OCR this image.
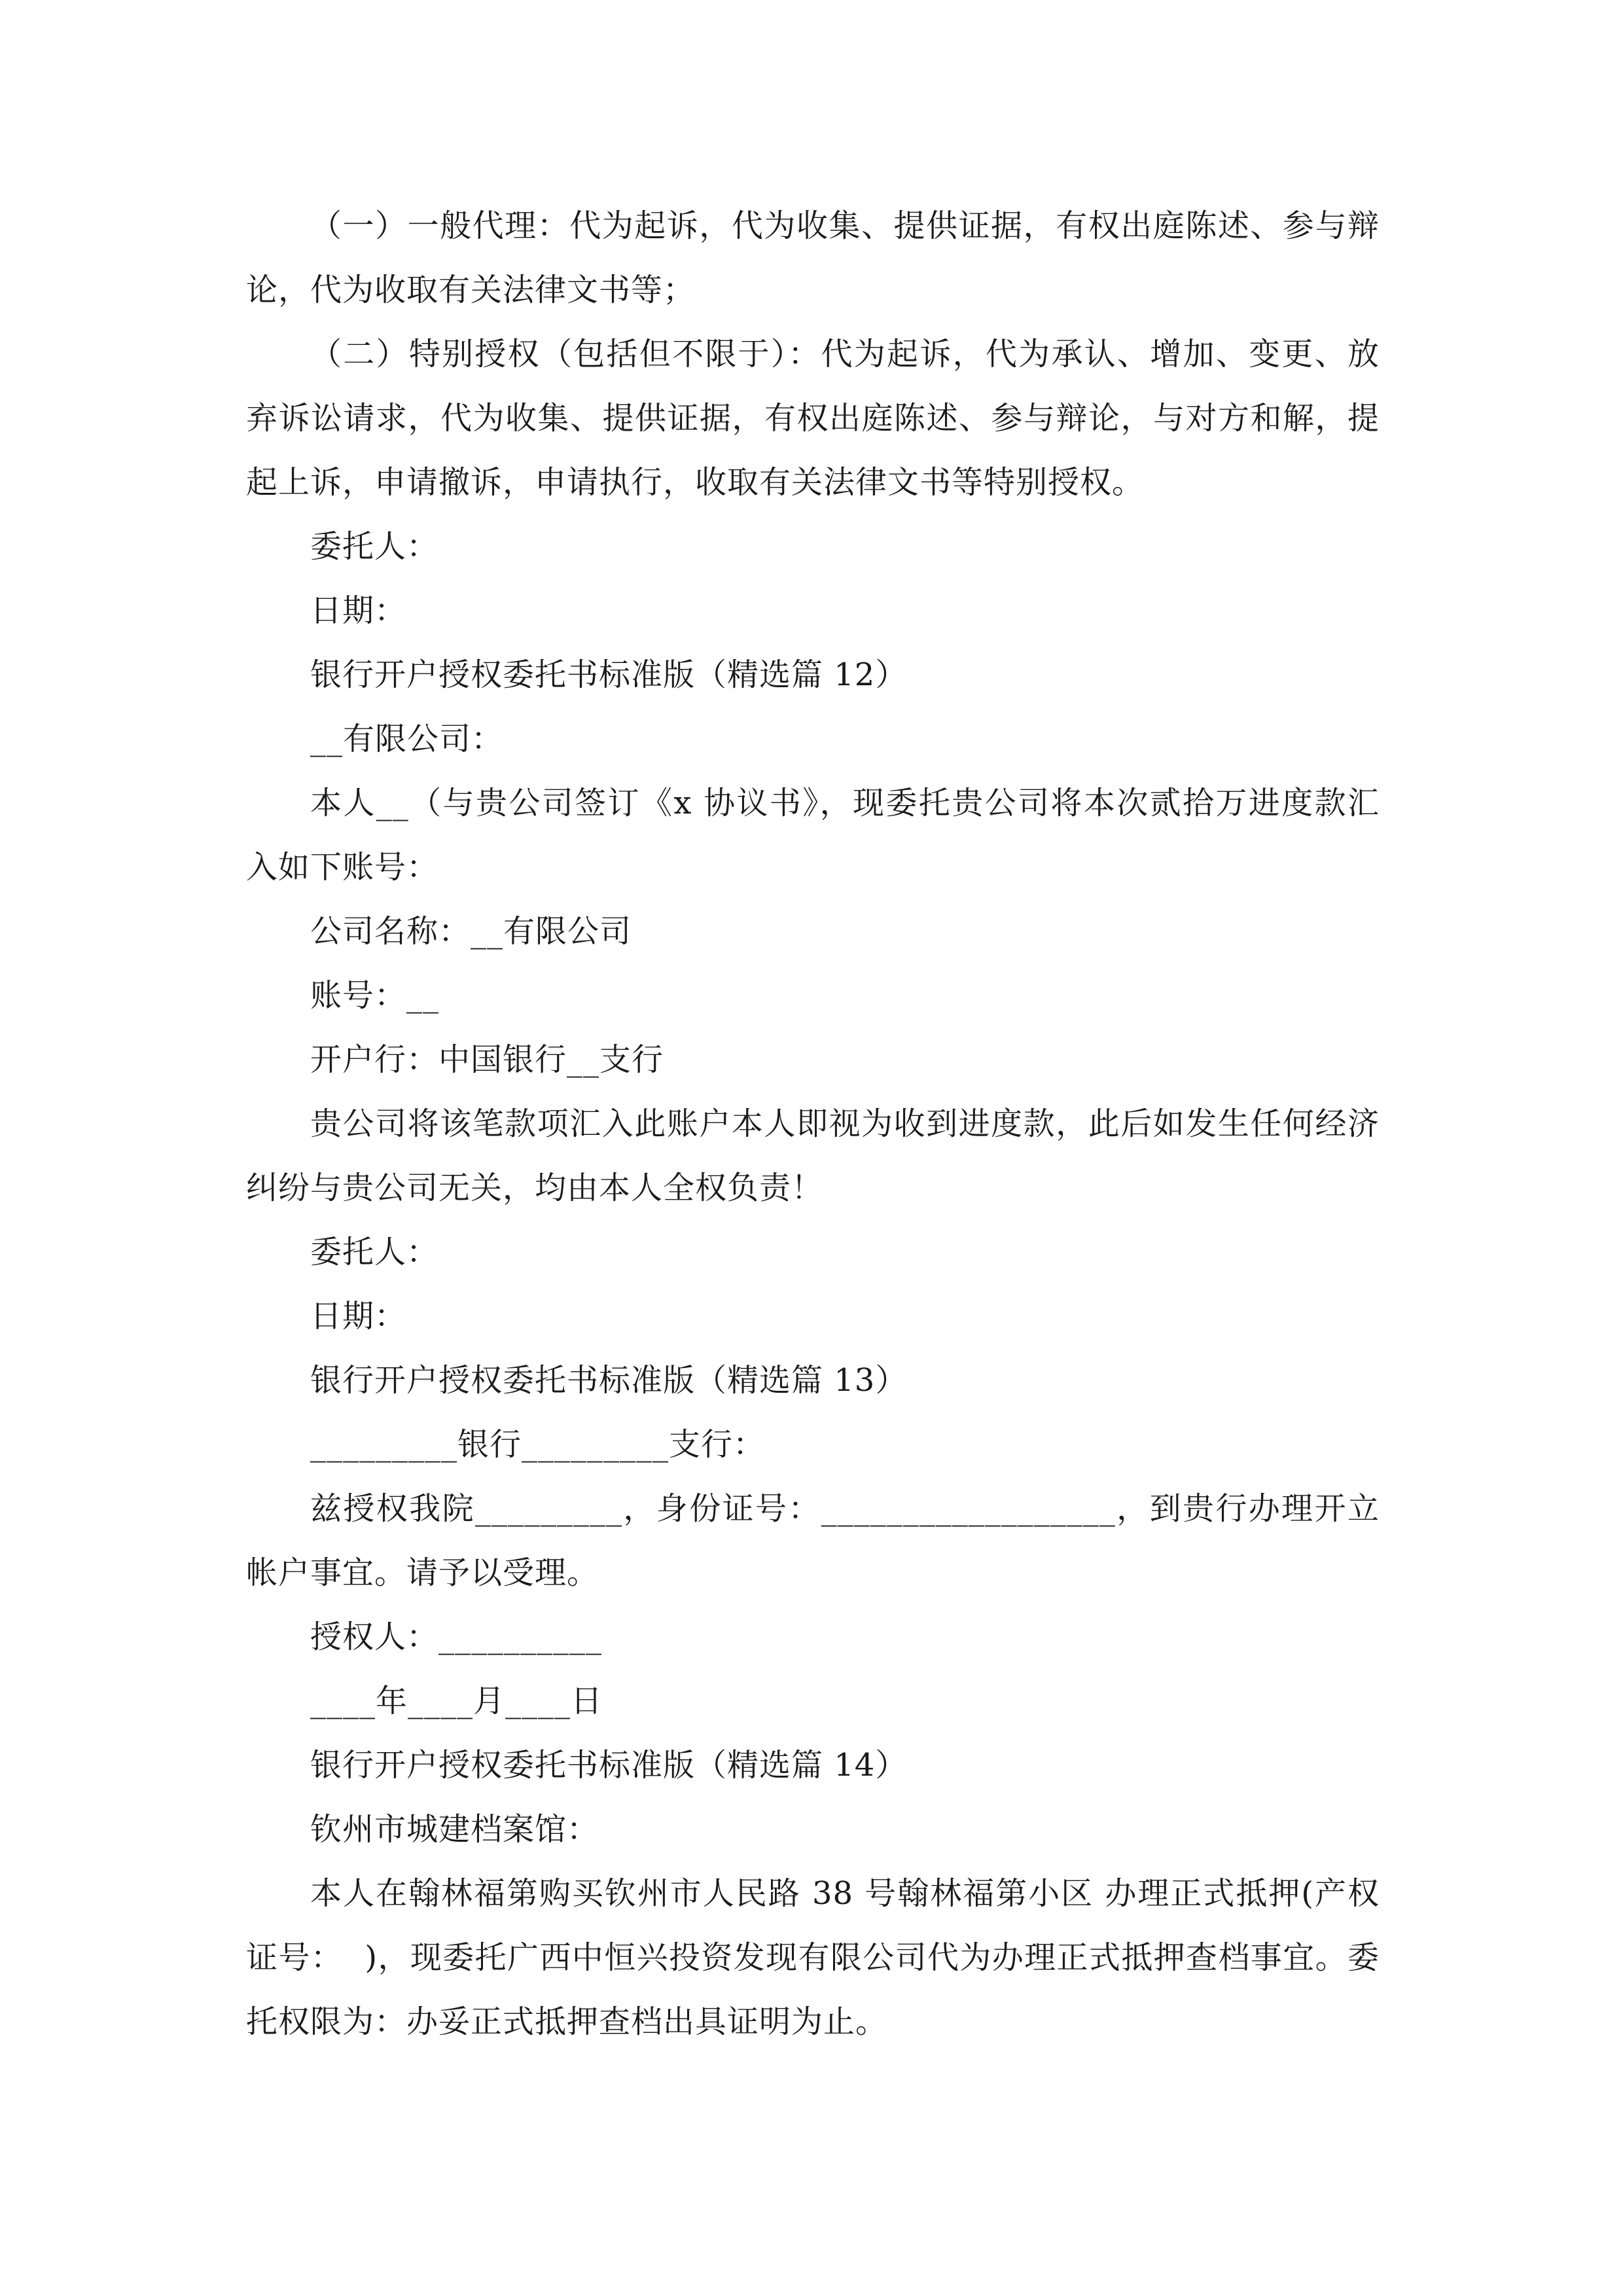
（一）一般代理：代为起诉，代为收集、提供证据，有权出庭陈述、参与辩论，代为收取有关法律文书等；

（二）特别授权（包括但不限于）：代为起诉，代为承认、增加、变更、放弃诉讼请求，代为收集、提供证据，有权出庭陈述、参与辩论，与对方和解，提起上诉，申请撤诉，申请执行，收取有关法律文书等特别授权。

委托人：

日期：

银行开户授权委托书标准版（精选篇 12）

__有限公司：

本人__（与贵公司签订《x 协议书》，现委托贵公司将本次贰拾万进度款汇入如下账号：

公司名称：__有限公司

账号：__

开户行：中国银行__支行

贵公司将该笔款项汇入此账户本人即视为收到进度款，此后如发生任何经济纠纷与贵公司无关，均由本人全权负责！

委托人：

日期：

银行开户授权委托书标准版（精选篇 13）

_________银行_________支行：

兹授权我院_________，身份证号：__________________，到贵行办理开立帐户事宜。请予以受理。

授权人：__________

____年____月____日

银行开户授权委托书标准版（精选篇 14）

钦州市城建档案馆：

本人在翰林福第购买钦州市人民路 38 号翰林福第小区 办理正式抵押(产权证号：  )，现委托广西中恒兴投资发现有限公司代为办理正式抵押查档事宜。委托权限为：办妥正式抵押查档出具证明为止。
